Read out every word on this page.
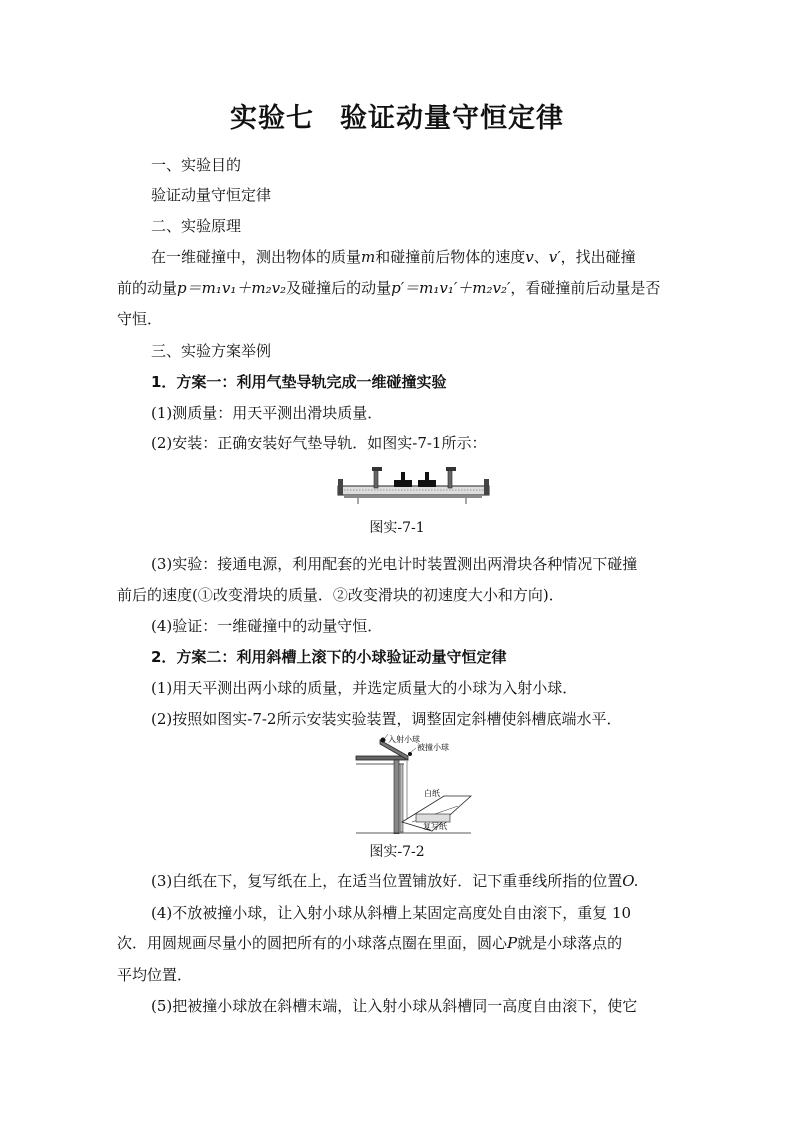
实验七 验证动量守恒定律
一、实验目的
验证动量守恒定律
二、实验原理
在一维碰撞中，测出物体的质量m和碰撞前后物体的速度v、v′，找出碰撞
前的动量p＝m₁v₁＋m₂v₂及碰撞后的动量p′＝m₁v₁′＋m₂v₂′，看碰撞前后动量是否
守恒．
三、实验方案举例
1．方案一：利用气垫导轨完成一维碰撞实验
(1)测质量：用天平测出滑块质量．
(2)安装：正确安装好气垫导轨．如图实-7-1所示：
图实-7-1
(3)实验：接通电源，利用配套的光电计时装置测出两滑块各种情况下碰撞
前后的速度(①改变滑块的质量．②改变滑块的初速度大小和方向)．
(4)验证：一维碰撞中的动量守恒．
2．方案二：利用斜槽上滚下的小球验证动量守恒定律
(1)用天平测出两小球的质量，并选定质量大的小球为入射小球．
(2)按照如图实-7-2所示安装实验装置，调整固定斜槽使斜槽底端水平．
入射小球
被撞小球
白纸
复写纸
图实-7-2
(3)白纸在下，复写纸在上，在适当位置铺放好．记下重垂线所指的位置O.
(4)不放被撞小球，让入射小球从斜槽上某固定高度处自由滚下，重复 10
次．用圆规画尽量小的圆把所有的小球落点圈在里面，圆心P就是小球落点的
平均位置．
(5)把被撞小球放在斜槽末端，让入射小球从斜槽同一高度自由滚下，使它
